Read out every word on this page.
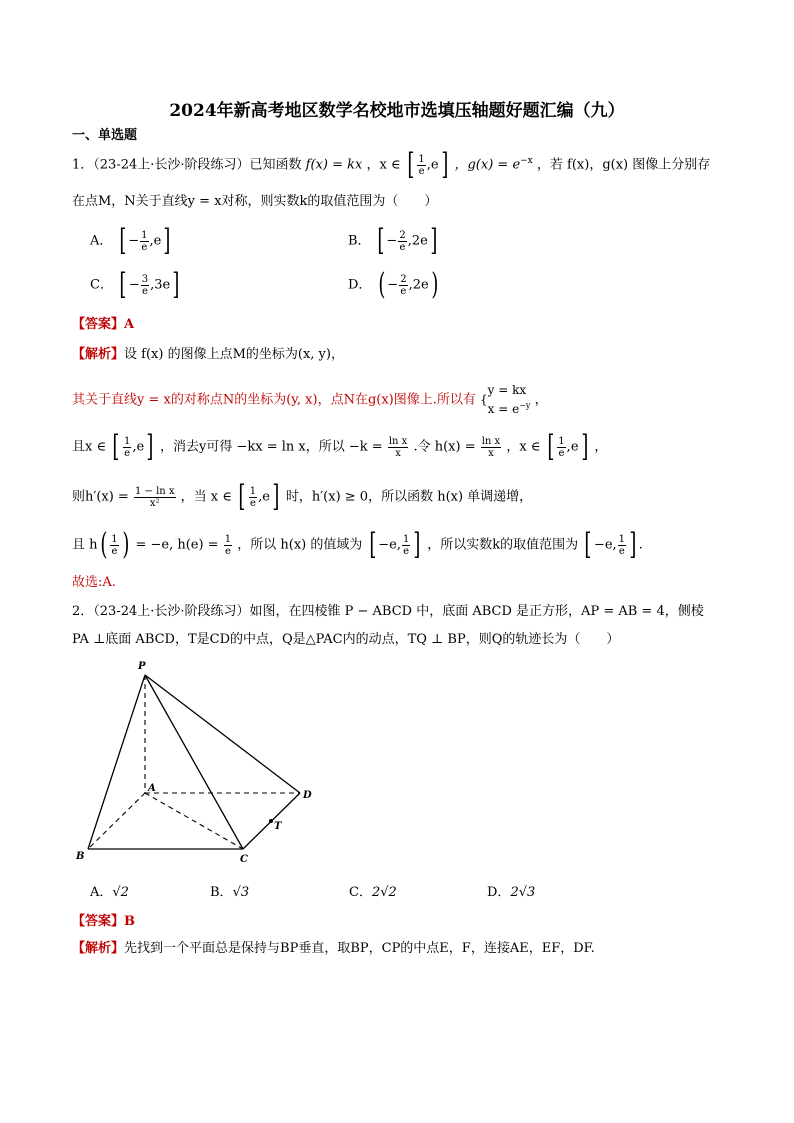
2024年新高考地区数学名校地市选填压轴题好题汇编（九）
一、单选题
1．（23-24上·长沙·阶段练习）已知函数 f(x) = kx ，x ∈ [ $\frac{1}{e} ,e$] ，$g(x) = e^{-x}$ ，若 f(x)，g(x) 图像上分别存
在点M，N关于直线y = x对称，则实数k的取值范围为（　　）
A． [ − $\frac{1}{e} ,e$]	B． [ − $\frac{2}{e} ,2e$]
C． [ − $\frac{3}{e} ,3e$]	D． ( − $\frac{2}{e} ,2e$)
【答案】A
【解析】设 f(x) 的图像上点M的坐标为(x, y)，
其关于直线y = x的对称点N的坐标为(y, x)，点N在g(x)图像上.所以有 {
y = kx
$x = e^{-y}$ ，
且x ∈ [ $\frac{1}{e} ,e$] ，消去y可得 −kx = ln x，所以 $-k = \frac{\text{ln x}}{x}$ .令 $h(x) = \frac{\text{ln x}}{x}$ ，x ∈ [ $\frac{1}{e} ,e$] ，
则$h'(x) = \frac{\text{1 − ln x}}{\text{x²}}$ ，当 x ∈ [ $\frac{1}{e} ,e$] 时，h′(x) ≥ 0，所以函数 h(x) 单调递增，
且 $h( \frac{1}{e}$ ) = −e, $h(e) = \frac{1}{e}$ ，所以 h(x) 的值域为 [ −e, $\frac{1}{e}$ ] ，所以实数k的取值范围为 [ −e, $\frac{1}{e}$ ] .
故选:A.
2．（23-24上·长沙·阶段练习）如图，在四棱锥 P − ABCD 中，底面 ABCD 是正方形，AP = AB = 4，侧棱
PA ⊥底面 ABCD，T是CD的中点，Q是△PAC内的动点，TQ ⊥ BP，则Q的轨迹长为（　　）
P
A
B	C
D
T
A．√2	B．√3	C．2√2	D．2√3
【答案】B
【解析】先找到一个平面总是保持与BP垂直，取BP，CP的中点E，F，连接AE，EF，DF.
